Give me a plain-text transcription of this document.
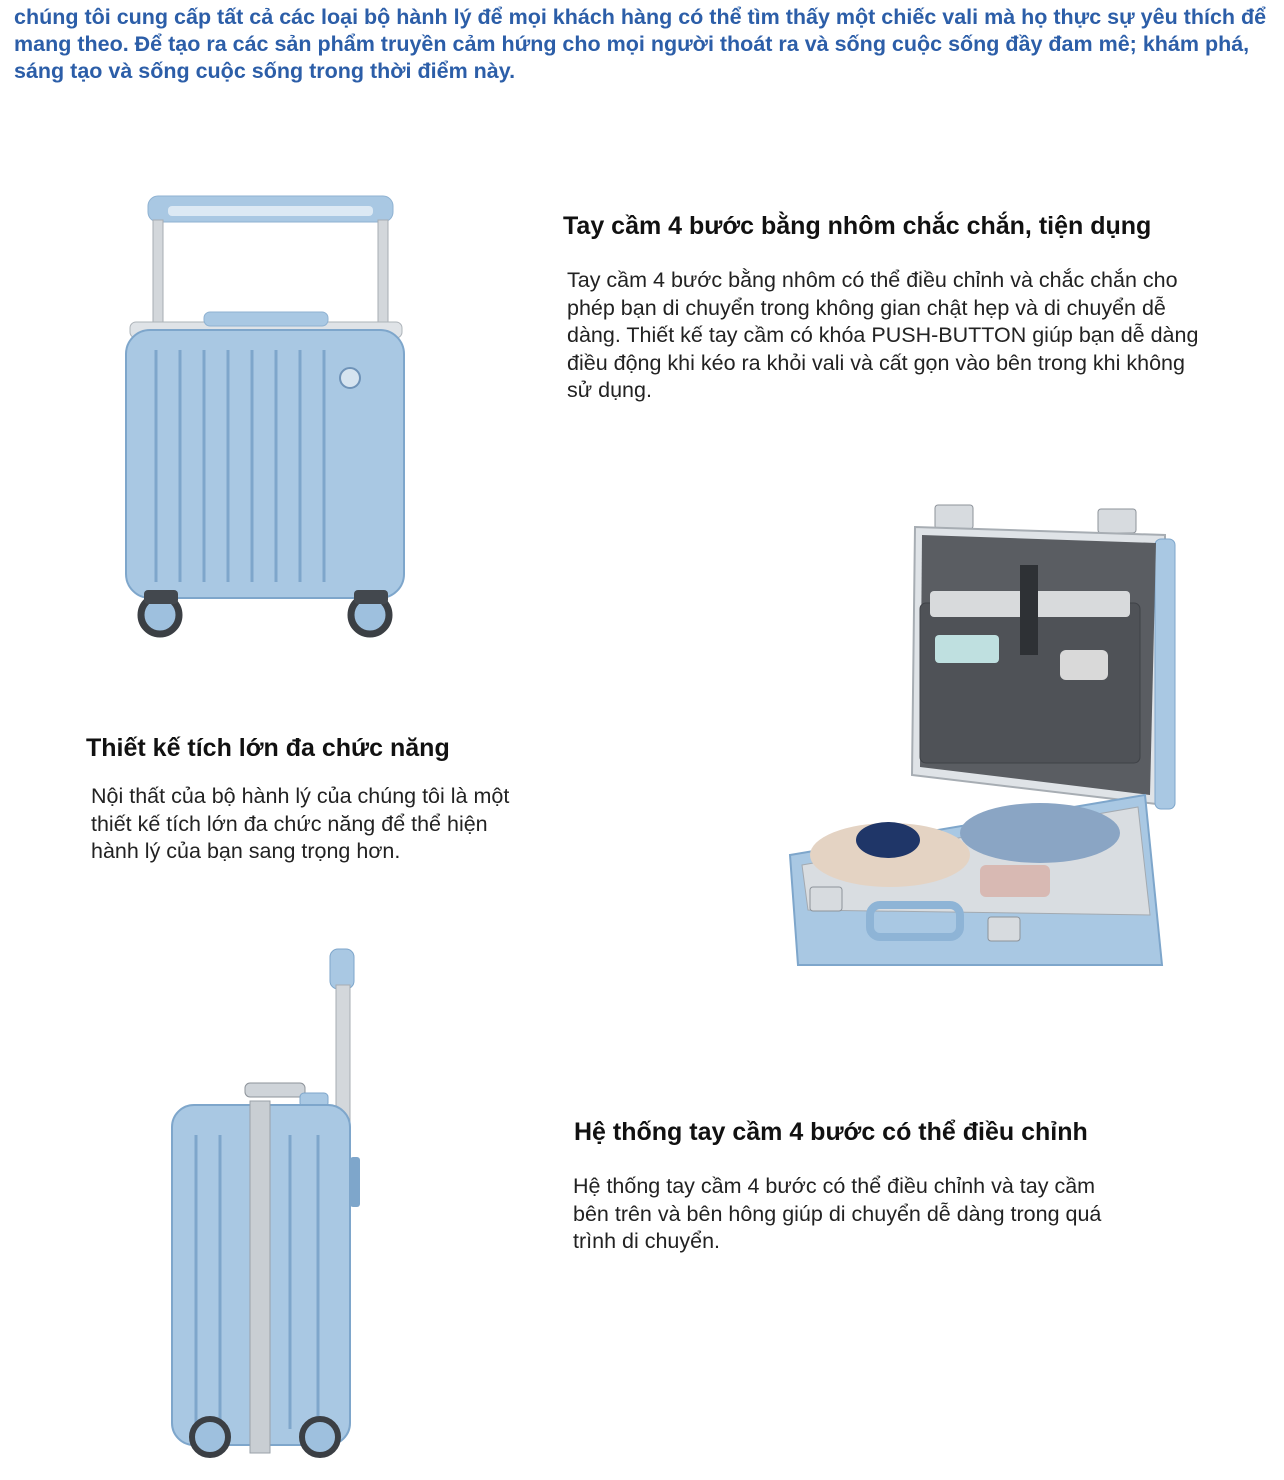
chúng tôi cung cấp tất cả các loại bộ hành lý để mọi khách hàng có thể tìm thấy một chiếc vali mà họ thực sự yêu thích để mang theo. Để tạo ra các sản phẩm truyền cảm hứng cho mọi người thoát ra và sống cuộc sống đầy đam mê; khám phá, sáng tạo và sống cuộc sống trong thời điểm này.

Tay cầm 4 bước bằng nhôm chắc chắn, tiện dụng

Tay cầm 4 bước bằng nhôm có thể điều chỉnh và chắc chắn cho phép bạn di chuyển trong không gian chật hẹp và di chuyển dễ dàng. Thiết kế tay cầm có khóa PUSH-BUTTON giúp bạn dễ dàng điều động khi kéo ra khỏi vali và cất gọn vào bên trong khi không sử dụng.

Thiết kế tích lớn đa chức năng

Nội thất của bộ hành lý của chúng tôi là một thiết kế tích lớn đa chức năng để thể hiện hành lý của bạn sang trọng hơn.

Hệ thống tay cầm 4 bước có thể điều chỉnh

Hệ thống tay cầm 4 bước có thể điều chỉnh và tay cầm bên trên và bên hông giúp di chuyển dễ dàng trong quá trình di chuyển.
